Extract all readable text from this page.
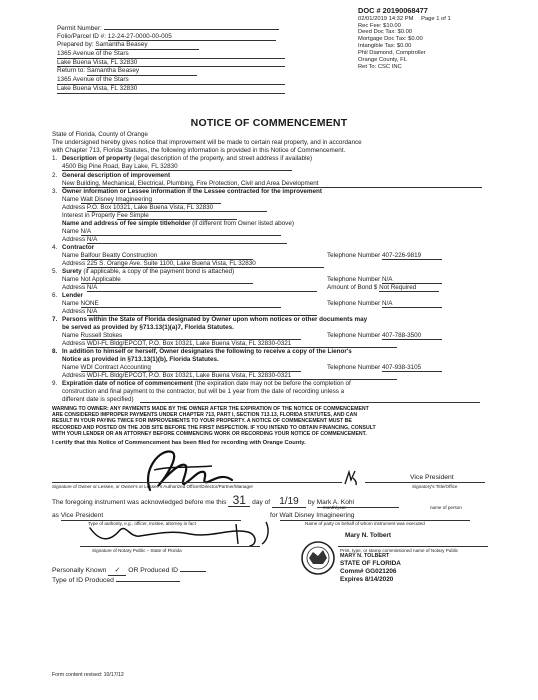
DOC # 20190068477
02/01/2019 14:32 PM Page 1 of 1
Rec Fee: $10.00
Deed Doc Tax: $0.00
Mortgage Doc Tax: $0.00
Intangible Tax: $0.00
Phil Diamond, Comptroller
Orange County, FL
Ret To: CSC INC
Permit Number:
Folio/Parcel ID #: 12-24-27-0000-00-005
Prepared by: Samantha Beasey
1365 Avenue of the Stars
Lake Buena Vista, FL 32830
Return to: Samantha Beasey
1365 Avenue of the Stars
Lake Buena Vista, FL 32830
NOTICE OF COMMENCEMENT
State of Florida, County of Orange
The undersigned hereby gives notice that improvement will be made to certain real property, and in accordance
with Chapter 713, Florida Statutes, the following information is provided in this Notice of Commencement.
1. Description of property (legal description of the property, and street address if available)
4500 Big Pine Road, Bay Lake, FL 32830
2. General description of improvement
New Building, Mechanical, Electrical, Plumbing, Fire Protection, Civil and Area Development
3. Owner information or Lessee information if the Lessee contracted for the improvement
Name Walt Disney Imagineering
Address P.O. Box 10321, Lake Buena Vista, FL 32830
Interest in Property Fee Simple
Name and address of fee simple titleholder (if different from Owner listed above)
Name N/A
Address N/A
4. Contractor
Name Balfour Beatty Construction	Telephone Number 407-226-9819
Address 225 S. Orange Ave. Suite 1100, Lake Buena Vista, FL 32830
5. Surety (if applicable, a copy of the payment bond is attached)
Name Not Applicable	Telephone Number N/A
Address N/A	Amount of Bond $ Not Required
6. Lender
Name NONE	Telephone Number N/A
Address N/A
7. Persons within the State of Florida designated by Owner upon whom notices or other documents may
be served as provided by §713.13(1)(a)7, Florida Statutes.
Name Russell Stokes	Telephone Number 407-788-3500
Address WDI-FL Bldg/EPCOT, P.O. Box 10321, Lake Buena Vista, FL 32830-0321
8. In addition to himself or herself, Owner designates the following to receive a copy of the Lienor's
Notice as provided in §713.13(1)(b), Florida Statutes.
Name WDI Contract Accounting	Telephone Number 407-938-3105
Address WDI-FL Bldg/EPCOT, P.O. Box 10321, Lake Buena Vista, FL 32830-0321
9. Expiration date of notice of commencement (the expiration date may not be before the completion of
construction and final payment to the contractor, but will be 1 year from the date of recording unless a
different date is specified)
WARNING TO OWNER: ANY PAYMENTS MADE BY THE OWNER AFTER THE EXPIRATION OF THE NOTICE OF COMMENCEMENT
ARE CONSIDERED IMPROPER PAYMENTS UNDER CHAPTER 713, PART I, SECTION 713.13, FLORIDA STATUTES, AND CAN
RESULT IN YOUR PAYING TWICE FOR IMPROVEMENTS TO YOUR PROPERTY. A NOTICE OF COMMENCEMENT MUST BE
RECORDED AND POSTED ON THE JOB SITE BEFORE THE FIRST INSPECTION. IF YOU INTEND TO OBTAIN FINANCING, CONSULT
WITH YOUR LENDER OR AN ATTORNEY BEFORE COMMENCING WORK OR RECORDING YOUR NOTICE OF COMMENCEMENT.
I certify that this Notice of Commencement has been filed for recording with Orange County.
Vice President
Signature of Owner or Lessee, or Owner's or Lessee's Authorized Officer/Director/Partner/Manager	Signatory's Title/Office
The foregoing instrument was acknowledged before me this 31 day of 1/19 by Mark A. Kohl
month/year	name of person
as Vice President	for Walt Disney Imagineering
Type of authority, e.g., officer, trustee, attorney in fact	Name of party on behalf of whom instrument was executed
Mary N. Tolbert
Signature of Notary Public – State of Florida	Print, type, or stamp commissioned name of Notary Public
MARY N. TOLBERT
STATE OF FLORIDA
Comm# GG021206
Expires 8/14/2020
Personally Known ✓ OR Produced ID
Type of ID Produced
Form content revised: 10/17/12
